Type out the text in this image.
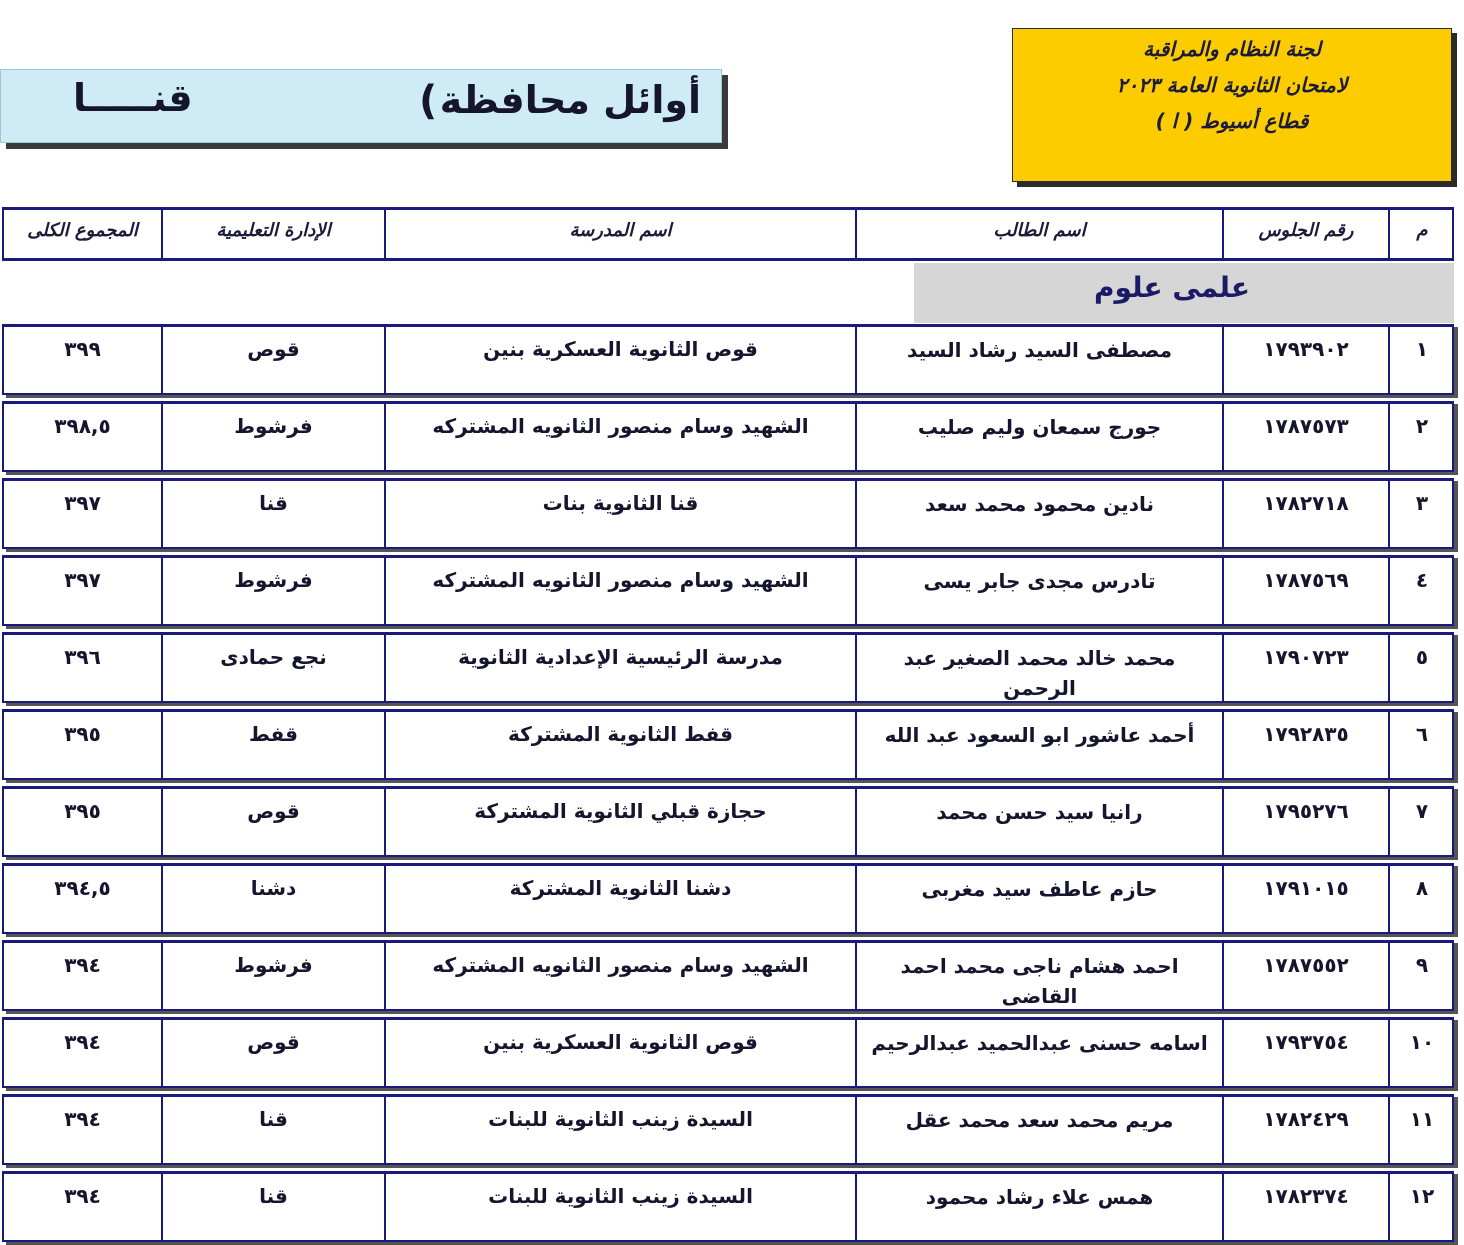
لجنة النظام والمراقبة
لامتحان الثانوية العامة ٢٠٢٣
قطاع أسيوط ( ا )
أوائل محافظة
(
قنـــــا
م
رقم الجلوس
اسم الطالب
اسم المدرسة
الإدارة التعليمية
المجموع الكلى
علمى علوم
١
١٧٩٣٩٠٢
مصطفى السيد رشاد السيد
قوص الثانوية العسكرية بنين
قوص
٣٩٩
٢
١٧٨٧٥٧٣
جورج سمعان وليم صليب
الشهيد وسام منصور الثانويه المشتركه
فرشوط
٣٩٨,٥
٣
١٧٨٢٧١٨
نادين محمود محمد سعد
قنا الثانوية بنات
قنا
٣٩٧
٤
١٧٨٧٥٦٩
تادرس مجدى جابر يسى
الشهيد وسام منصور الثانويه المشتركه
فرشوط
٣٩٧
٥
١٧٩٠٧٢٣
محمد خالد محمد الصغير عبد الرحمن
مدرسة الرئيسية الإعدادية الثانوية
نجع حمادى
٣٩٦
٦
١٧٩٢٨٣٥
أحمد عاشور ابو السعود عبد الله
قفط الثانوية المشتركة
قفط
٣٩٥
٧
١٧٩٥٢٧٦
رانيا سيد حسن محمد
حجازة قبلي الثانوية المشتركة
قوص
٣٩٥
٨
١٧٩١٠١٥
حازم عاطف سيد مغربى
دشنا الثانوية المشتركة
دشنا
٣٩٤,٥
٩
١٧٨٧٥٥٢
احمد هشام ناجى محمد احمد القاضى
الشهيد وسام منصور الثانويه المشتركه
فرشوط
٣٩٤
١٠
١٧٩٣٧٥٤
اسامه حسنى عبدالحميد عبدالرحيم
قوص الثانوية العسكرية بنين
قوص
٣٩٤
١١
١٧٨٢٤٢٩
مريم محمد سعد محمد عقل
السيدة زينب الثانوية للبنات
قنا
٣٩٤
١٢
١٧٨٢٣٧٤
همس علاء رشاد محمود
السيدة زينب الثانوية للبنات
قنا
٣٩٤
